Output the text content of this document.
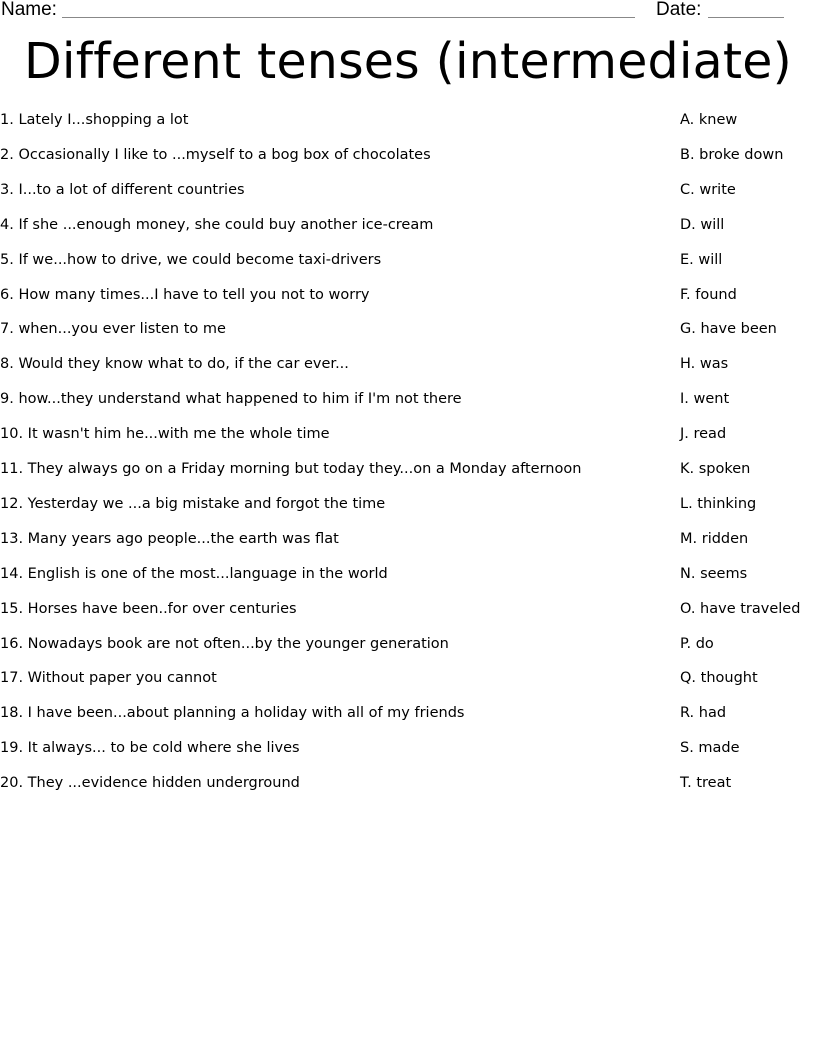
Name:	Date:
Different tenses (intermediate)
1. Lately I...shopping a lot	A. knew
2. Occasionally I like to ...myself to a bog box of chocolates	B. broke down
3. I...to a lot of different countries	C. write
4. If she ...enough money, she could buy another ice-cream	D. will
5. If we...how to drive, we could become taxi-drivers	E. will
6. How many times...I have to tell you not to worry	F. found
7. when...you ever listen to me	G. have been
8. Would they know what to do, if the car ever...	H. was
9. how...they understand what happened to him if I'm not there	I. went
10. It wasn't him he...with me the whole time	J. read
11. They always go on a Friday morning but today they...on a Monday afternoon	K. spoken
12. Yesterday we ...a big mistake and forgot the time	L. thinking
13. Many years ago people...the earth was flat	M. ridden
14. English is one of the most...language in the world	N. seems
15. Horses have been..for over centuries	O. have traveled
16. Nowadays book are not often...by the younger generation	P. do
17. Without paper you cannot	Q. thought
18. I have been...about planning a holiday with all of my friends	R. had
19. It always... to be cold where she lives	S. made
20. They ...evidence hidden underground	T. treat
